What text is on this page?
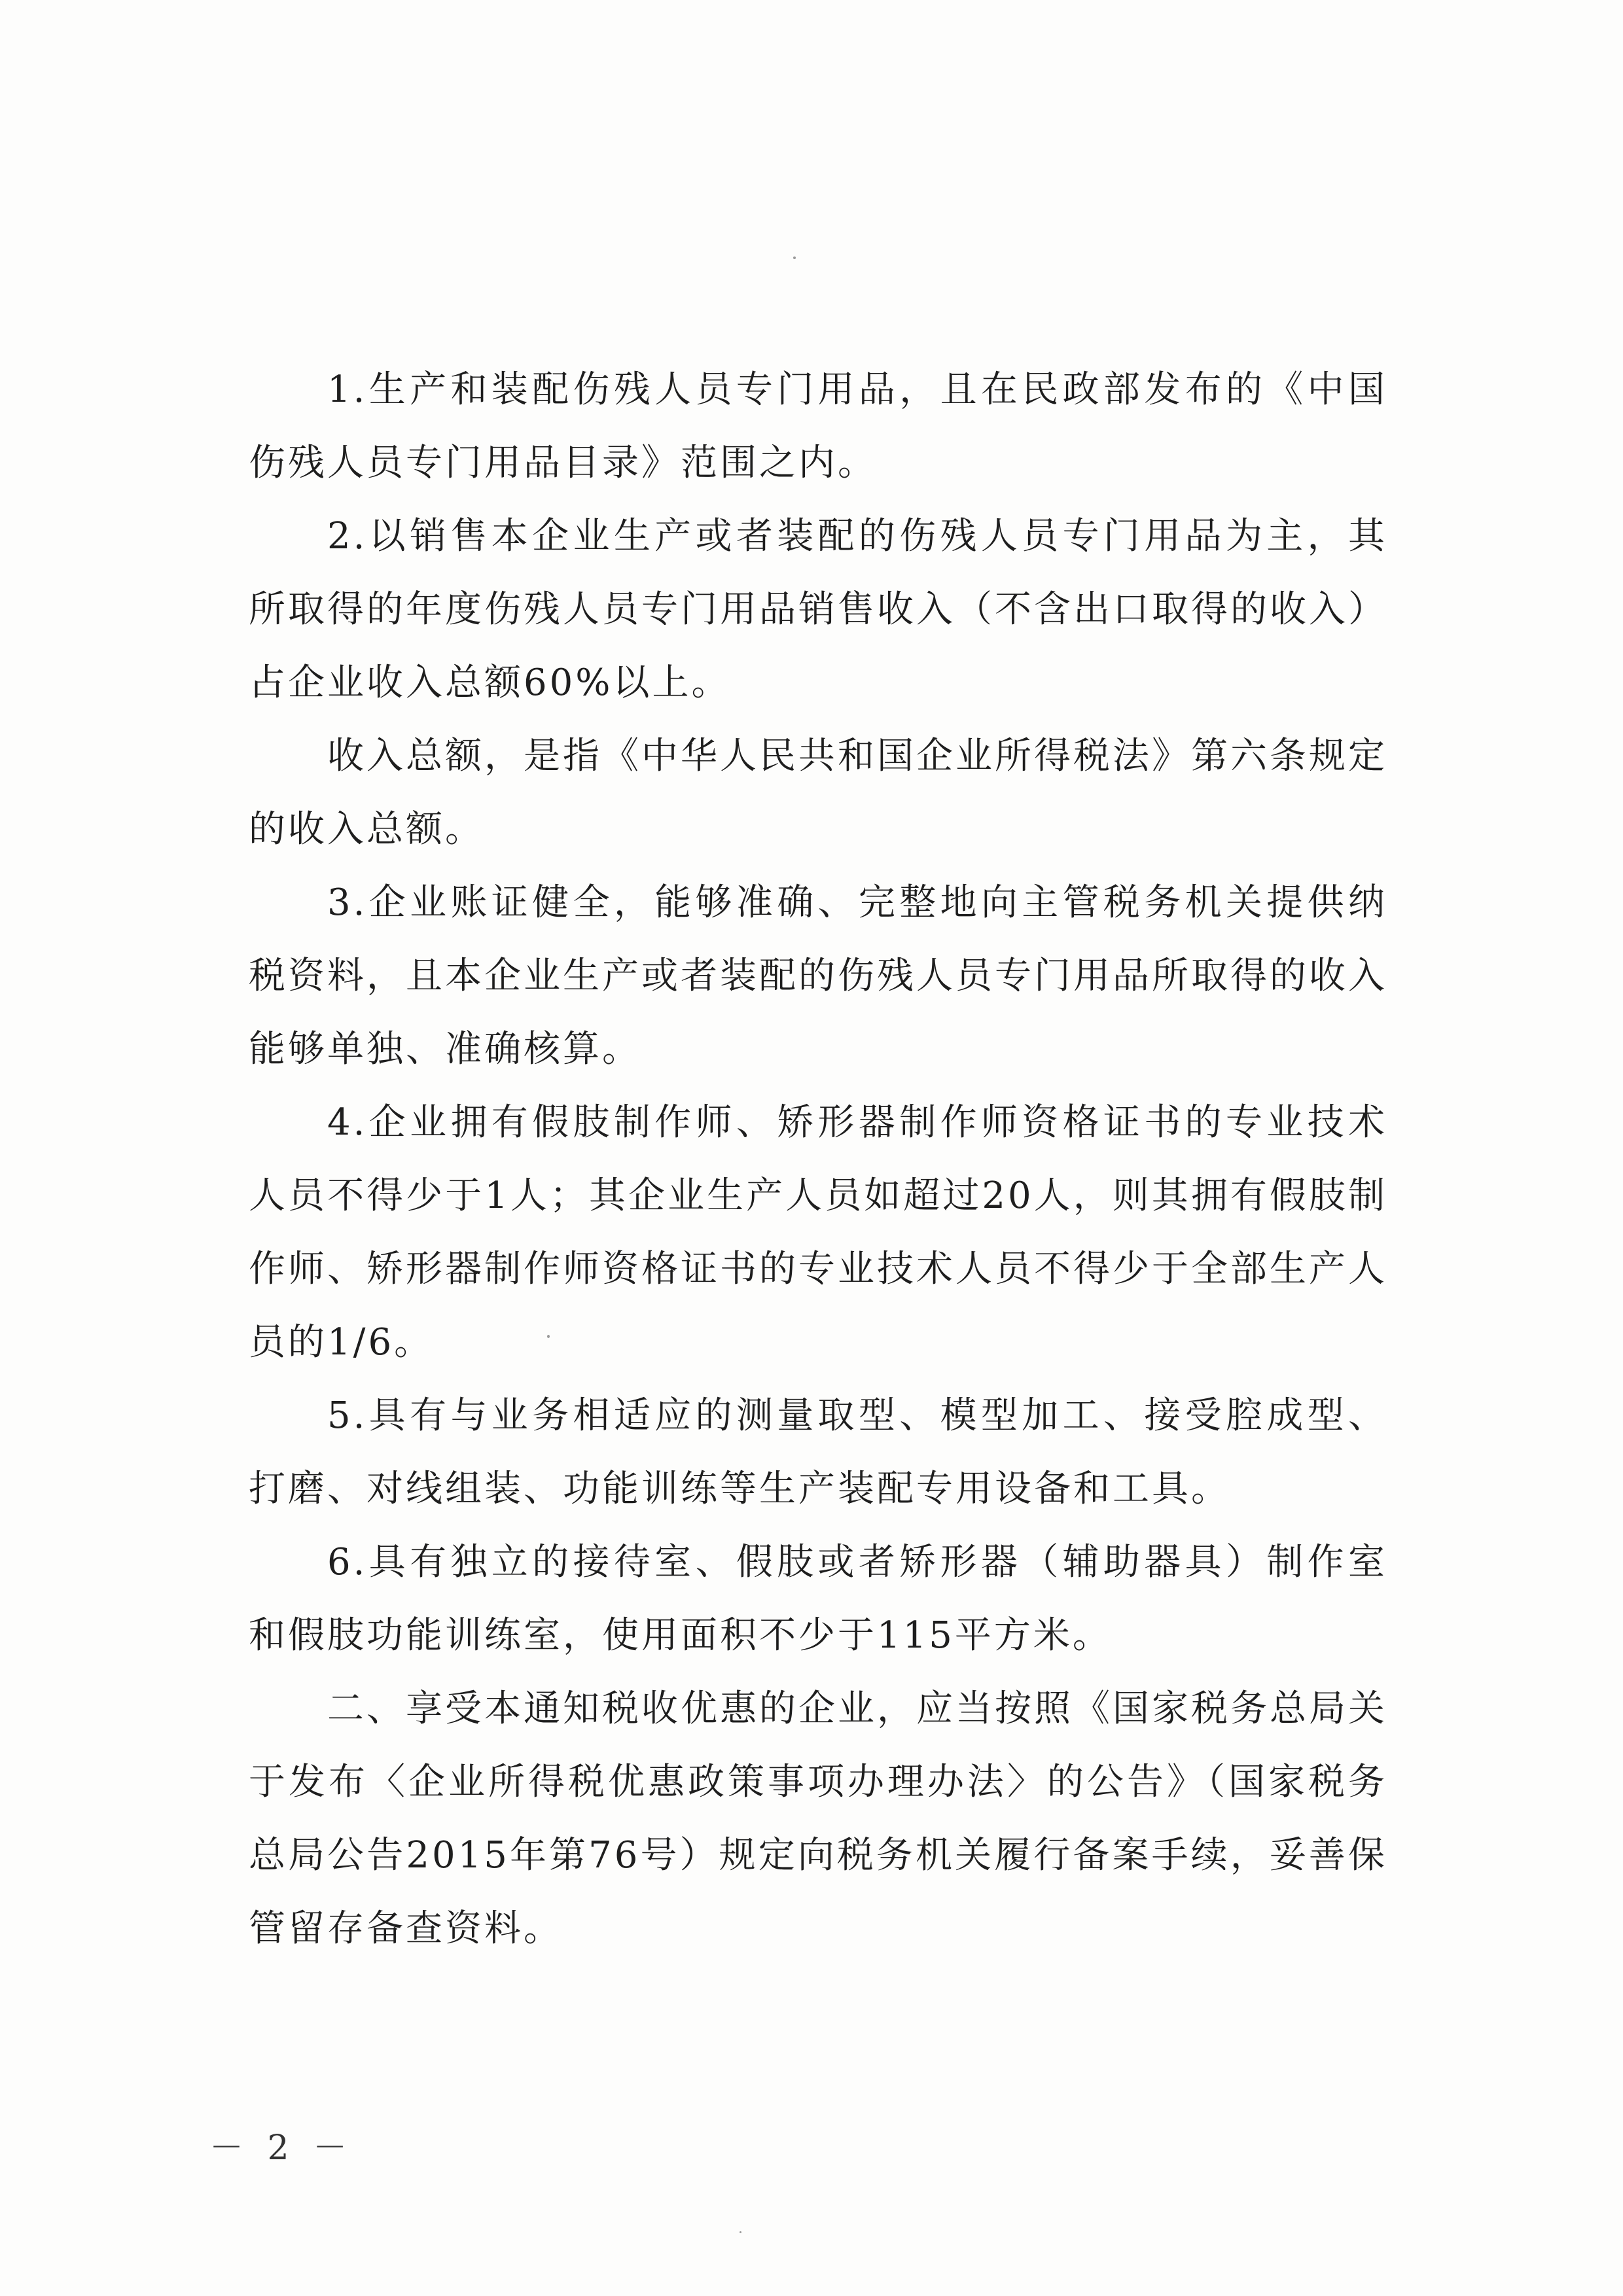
1.生产和装配伤残人员专门用品，且在民政部发布的《中国伤残人员专门用品目录》范围之内。

2.以销售本企业生产或者装配的伤残人员专门用品为主，其所取得的年度伤残人员专门用品销售收入（不含出口取得的收入）占企业收入总额60%以上。

收入总额，是指《中华人民共和国企业所得税法》第六条规定的收入总额。

3.企业账证健全，能够准确、完整地向主管税务机关提供纳税资料，且本企业生产或者装配的伤残人员专门用品所取得的收入能够单独、准确核算。

4.企业拥有假肢制作师、矫形器制作师资格证书的专业技术人员不得少于1人；其企业生产人员如超过20人，则其拥有假肢制作师、矫形器制作师资格证书的专业技术人员不得少于全部生产人员的1/6。

5.具有与业务相适应的测量取型、模型加工、接受腔成型、打磨、对线组装、功能训练等生产装配专用设备和工具。

6.具有独立的接待室、假肢或者矫形器（辅助器具）制作室和假肢功能训练室，使用面积不少于115平方米。

二、享受本通知税收优惠的企业，应当按照《国家税务总局关于发布〈企业所得税优惠政策事项办理办法〉的公告》（国家税务总局公告2015年第76号）规定向税务机关履行备案手续，妥善保管留存备查资料。

－ 2 －
